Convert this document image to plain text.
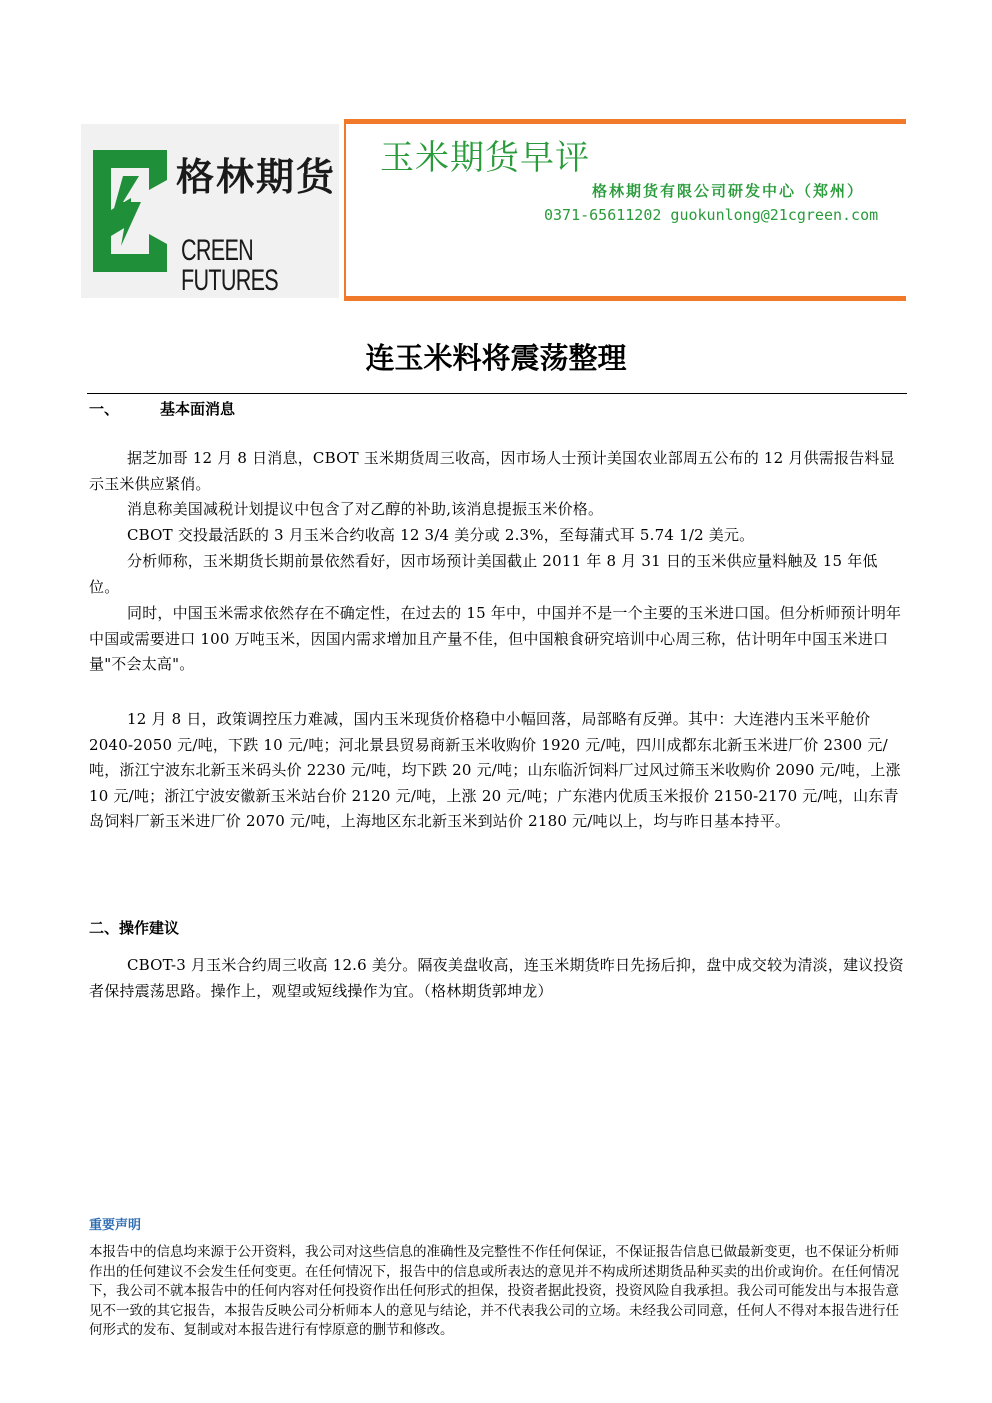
格林期货
CREEN FUTURES
玉米期货早评
格林期货有限公司研发中心（郑州）
0371-65611202 guokunlong@21cgreen.com
连玉米料将震荡整理
一、	基本面消息
据芝加哥 12 月 8 日消息，CBOT 玉米期货周三收高，因市场人士预计美国农业部周五公布的 12 月供需报告料显示玉米供应紧俏。
消息称美国减税计划提议中包含了对乙醇的补助,该消息提振玉米价格。
CBOT 交投最活跃的 3 月玉米合约收高 12 3/4 美分或 2.3%，至每蒲式耳 5.74 1/2 美元。
分析师称，玉米期货长期前景依然看好，因市场预计美国截止 2011 年 8 月 31 日的玉米供应量料触及 15 年低位。
同时，中国玉米需求依然存在不确定性，在过去的 15 年中，中国并不是一个主要的玉米进口国。但分析师预计明年中国或需要进口 100 万吨玉米，因国内需求增加且产量不佳，但中国粮食研究培训中心周三称，估计明年中国玉米进口量"不会太高"。
12 月 8 日，政策调控压力难减，国内玉米现货价格稳中小幅回落，局部略有反弹。其中：大连港内玉米平舱价 2040-2050 元/吨，下跌 10 元/吨；河北景县贸易商新玉米收购价 1920 元/吨，四川成都东北新玉米进厂价 2300 元/吨，浙江宁波东北新玉米码头价 2230 元/吨，均下跌 20 元/吨；山东临沂饲料厂过风过筛玉米收购价 2090 元/吨，上涨 10 元/吨；浙江宁波安徽新玉米站台价 2120 元/吨，上涨 20 元/吨；广东港内优质玉米报价 2150-2170 元/吨，山东青岛饲料厂新玉米进厂价 2070 元/吨，上海地区东北新玉米到站价 2180 元/吨以上，均与昨日基本持平。
二、操作建议
CBOT-3 月玉米合约周三收高 12.6 美分。隔夜美盘收高，连玉米期货昨日先扬后抑，盘中成交较为清淡，建议投资者保持震荡思路。操作上，观望或短线操作为宜。（格林期货郭坤龙）
重要声明
本报告中的信息均来源于公开资料，我公司对这些信息的准确性及完整性不作任何保证，不保证报告信息已做最新变更，也不保证分析师作出的任何建议不会发生任何变更。在任何情况下，报告中的信息或所表达的意见并不构成所述期货品种买卖的出价或询价。在任何情况下，我公司不就本报告中的任何内容对任何投资作出任何形式的担保，投资者据此投资，投资风险自我承担。我公司可能发出与本报告意见不一致的其它报告，本报告反映公司分析师本人的意见与结论，并不代表我公司的立场。未经我公司同意，任何人不得对本报告进行任何形式的发布、复制或对本报告进行有悖原意的删节和修改。
